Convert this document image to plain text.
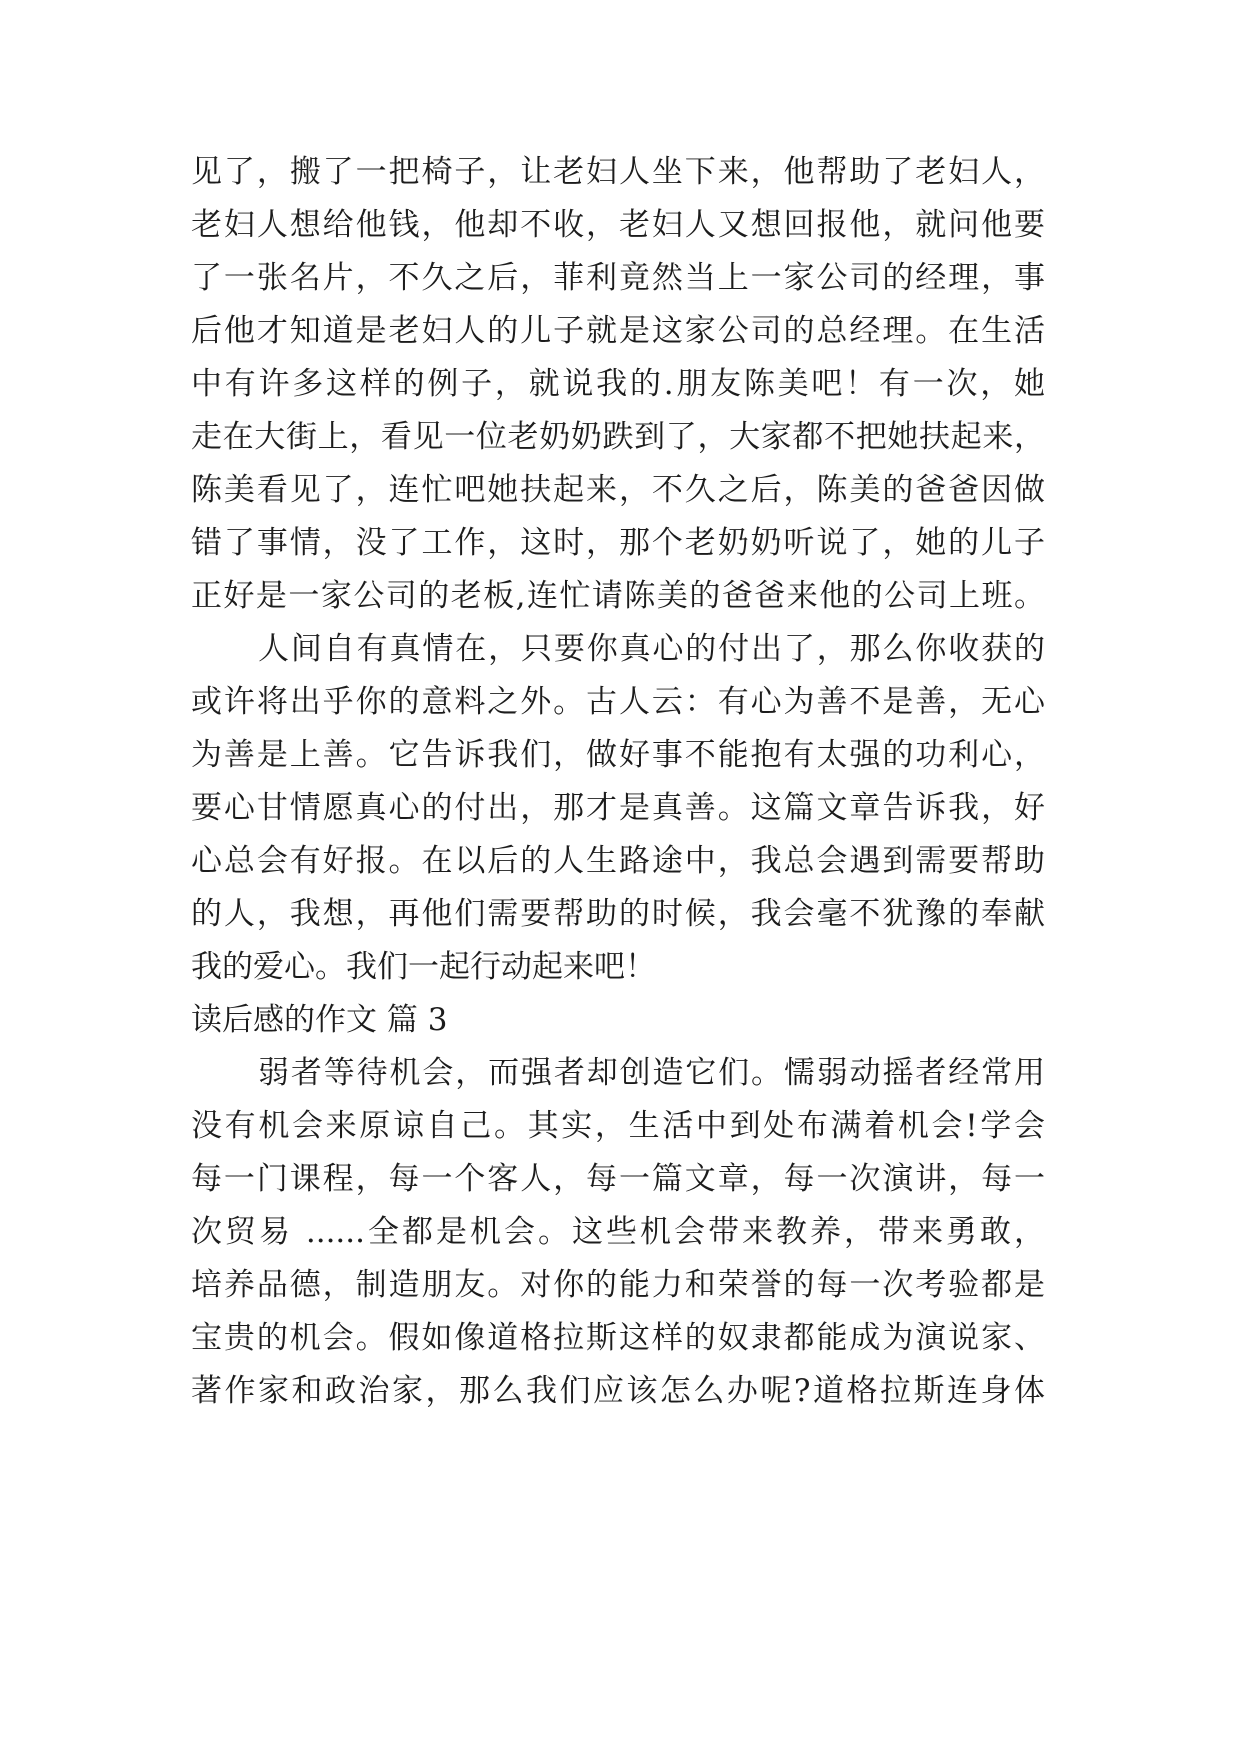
见了，搬了一把椅子，让老妇人坐下来，他帮助了老妇人，
老妇人想给他钱，他却不收，老妇人又想回报他，就问他要
了一张名片，不久之后，菲利竟然当上一家公司的经理，事
后他才知道是老妇人的儿子就是这家公司的总经理。在生活
中有许多这样的例子，就说我的.朋友陈美吧！有一次，她
走在大街上，看见一位老奶奶跌到了，大家都不把她扶起来，
陈美看见了，连忙吧她扶起来，不久之后，陈美的爸爸因做
错了事情，没了工作，这时，那个老奶奶听说了，她的儿子
正好是一家公司的老板,连忙请陈美的爸爸来他的公司上班。
人间自有真情在，只要你真心的付出了，那么你收获的
或许将出乎你的意料之外。古人云：有心为善不是善，无心
为善是上善。它告诉我们，做好事不能抱有太强的功利心，
要心甘情愿真心的付出，那才是真善。这篇文章告诉我，好
心总会有好报。在以后的人生路途中，我总会遇到需要帮助
的人，我想，再他们需要帮助的时候，我会毫不犹豫的奉献
我的爱心。我们一起行动起来吧！
读后感的作文 篇 3
弱者等待机会，而强者却创造它们。懦弱动摇者经常用
没有机会来原谅自己。其实，生活中到处布满着机会!学会
每一门课程，每一个客人，每一篇文章，每一次演讲，每一
次贸易 ......全都是机会。这些机会带来教养，带来勇敢，
培养品德，制造朋友。对你的能力和荣誉的每一次考验都是
宝贵的机会。假如像道格拉斯这样的奴隶都能成为演说家、
著作家和政治家，那么我们应该怎么办呢?道格拉斯连身体
